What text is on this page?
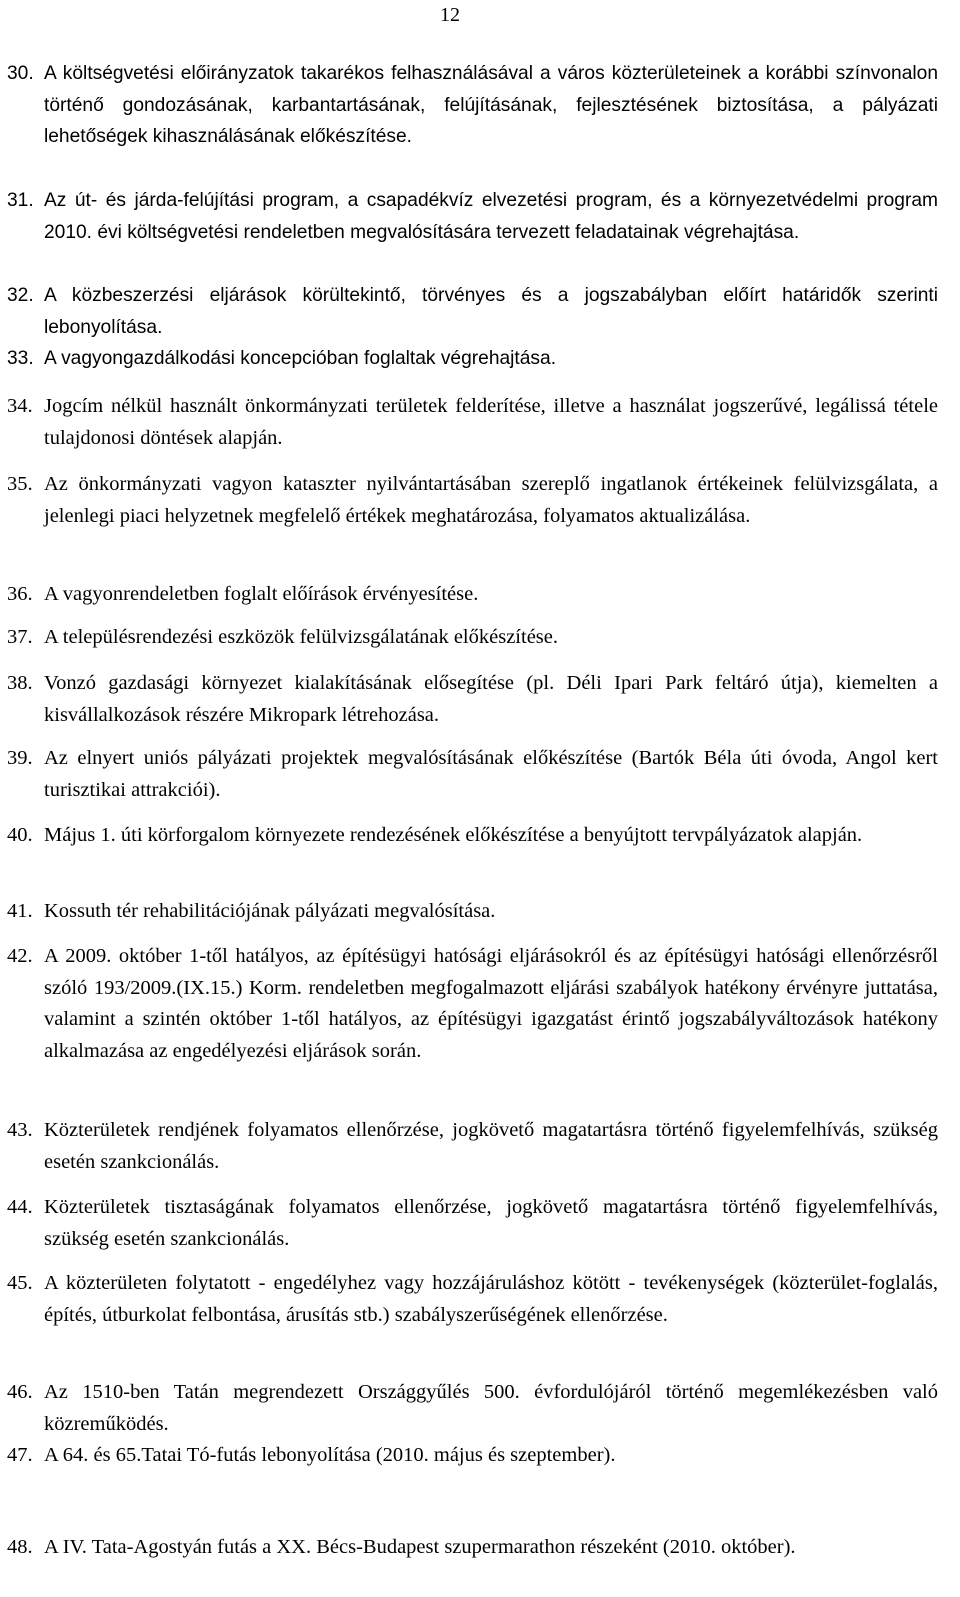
12
30. A költségvetési előirányzatok takarékos felhasználásával a város közterületeinek a korábbi színvonalon történő gondozásának, karbantartásának, felújításának, fejlesztésének biztosítása, a pályázati lehetőségek kihasználásának előkészítése.
31. Az út- és járda-felújítási program, a csapadékvíz elvezetési program, és a környezetvédelmi program 2010. évi költségvetési rendeletben megvalósítására tervezett feladatainak végrehajtása.
32. A közbeszerzési eljárások körültekintő, törvényes és a jogszabályban előírt határidők szerinti lebonyolítása.
33. A vagyongazdálkodási koncepcióban foglaltak végrehajtása.
34. Jogcím nélkül használt önkormányzati területek felderítése, illetve a használat jogszerűvé, legálissá tétele tulajdonosi döntések alapján.
35. Az önkormányzati vagyon kataszter nyilvántartásában szereplő ingatlanok értékeinek felülvizsgálata, a jelenlegi piaci helyzetnek megfelelő értékek meghatározása, folyamatos aktualizálása.
36. A vagyonrendeletben foglalt előírások érvényesítése.
37. A településrendezési eszközök felülvizsgálatának előkészítése.
38. Vonzó gazdasági környezet kialakításának elősegítése (pl. Déli Ipari Park feltáró útja), kiemelten a kisvállalkozások részére Mikropark létrehozása.
39. Az elnyert uniós pályázati projektek megvalósításának előkészítése (Bartók Béla úti óvoda, Angol kert turisztikai attrakciói).
40. Május 1. úti körforgalom környezete rendezésének előkészítése a benyújtott tervpályázatok alapján.
41. Kossuth tér rehabilitációjának pályázati megvalósítása.
42. A 2009. október 1-től hatályos, az építésügyi hatósági eljárásokról és az építésügyi hatósági ellenőrzésről szóló 193/2009.(IX.15.) Korm. rendeletben megfogalmazott eljárási szabályok hatékony érvényre juttatása, valamint a szintén október 1-től hatályos, az építésügyi igazgatást érintő jogszabályváltozások hatékony alkalmazása az engedélyezési eljárások során.
43. Közterületek rendjének folyamatos ellenőrzése, jogkövető magatartásra történő figyelemfelhívás, szükség esetén szankcionálás.
44. Közterületek tisztaságának folyamatos ellenőrzése, jogkövető magatartásra történő figyelemfelhívás, szükség esetén szankcionálás.
45. A közterületen folytatott - engedélyhez vagy hozzájáruláshoz kötött - tevékenységek (közterület-foglalás, építés, útburkolat felbontása, árusítás stb.) szabályszerűségének ellenőrzése.
46. Az 1510-ben Tatán megrendezett Országgyűlés 500. évfordulójáról történő megemlékezésben való közreműködés.
47. A 64. és 65.Tatai Tó-futás lebonyolítása (2010. május és szeptember).
48. A IV. Tata-Agostyán futás a XX. Bécs-Budapest szupermarathon részeként (2010. október).
